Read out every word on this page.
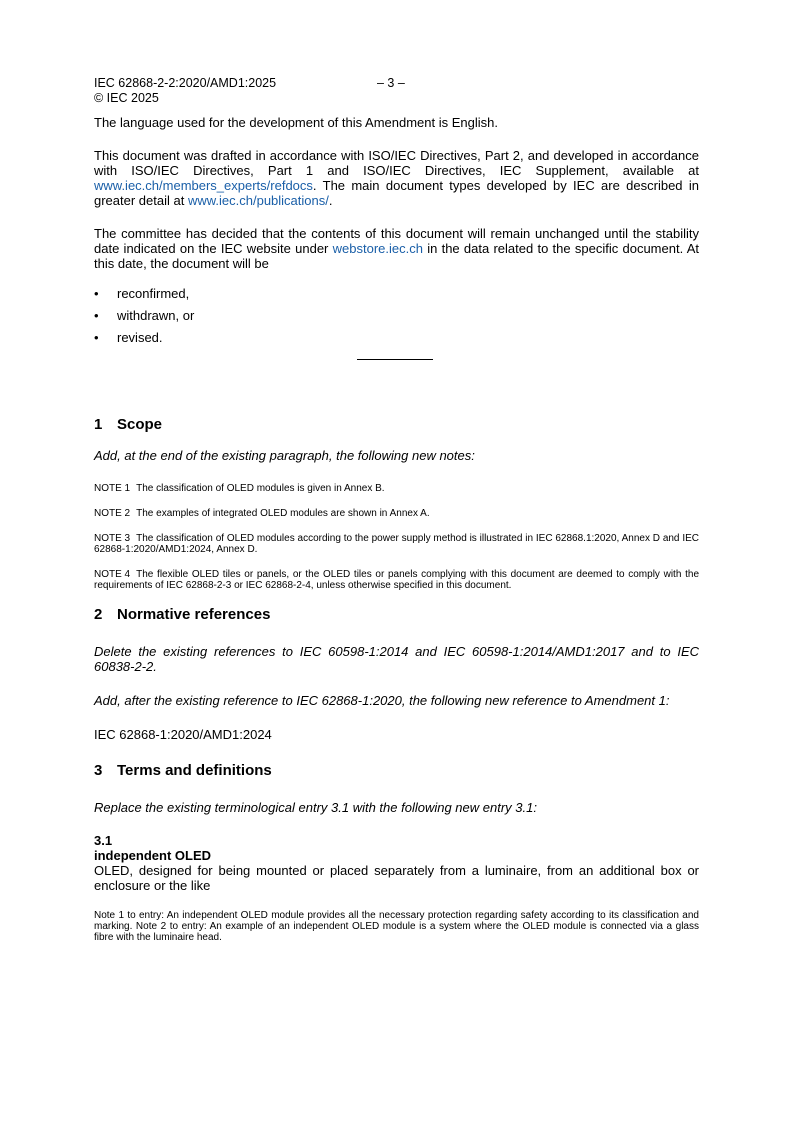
IEC 62868-2-2:2020/AMD1:2025	– 3 –
© IEC 2025

The language used for the development of this Amendment is English.

This document was drafted in accordance with ISO/IEC Directives, Part 2, and developed in accordance with ISO/IEC Directives, Part 1 and ISO/IEC Directives, IEC Supplement, available at www.iec.ch/members_experts/refdocs. The main document types developed by IEC are described in greater detail at www.iec.ch/publications/.

The committee has decided that the contents of this document will remain unchanged until the stability date indicated on the IEC website under webstore.iec.ch in the data related to the specific document. At this date, the document will be

• reconfirmed,
• withdrawn, or
• revised.
1 Scope

Add, at the end of the existing paragraph, the following new notes:

NOTE 1 The classification of OLED modules is given in Annex B.

NOTE 2 The examples of integrated OLED modules are shown in Annex A.

NOTE 3 The classification of OLED modules according to the power supply method is illustrated in IEC 62868.1:2020, Annex D and IEC 62868-1:2020/AMD1:2024, Annex D.

NOTE 4 The flexible OLED tiles or panels, or the OLED tiles or panels complying with this document are deemed to comply with the requirements of IEC 62868-2-3 or IEC 62868-2-4, unless otherwise specified in this document.

2 Normative references

Delete the existing references to IEC 60598-1:2014 and IEC 60598-1:2014/AMD1:2017 and to IEC 60838-2-2.

Add, after the existing reference to IEC 62868-1:2020, the following new reference to Amendment 1:

IEC 62868-1:2020/AMD1:2024

3 Terms and definitions

Replace the existing terminological entry 3.1 with the following new entry 3.1:

3.1

independent OLED

OLED, designed for being mounted or placed separately from a luminaire, from an additional box or enclosure or the like

Note 1 to entry: An independent OLED module provides all the necessary protection regarding safety according to its classification and marking. Note 2 to entry: An example of an independent OLED module is a system where the OLED module is connected via a glass fibre with the luminaire head.
